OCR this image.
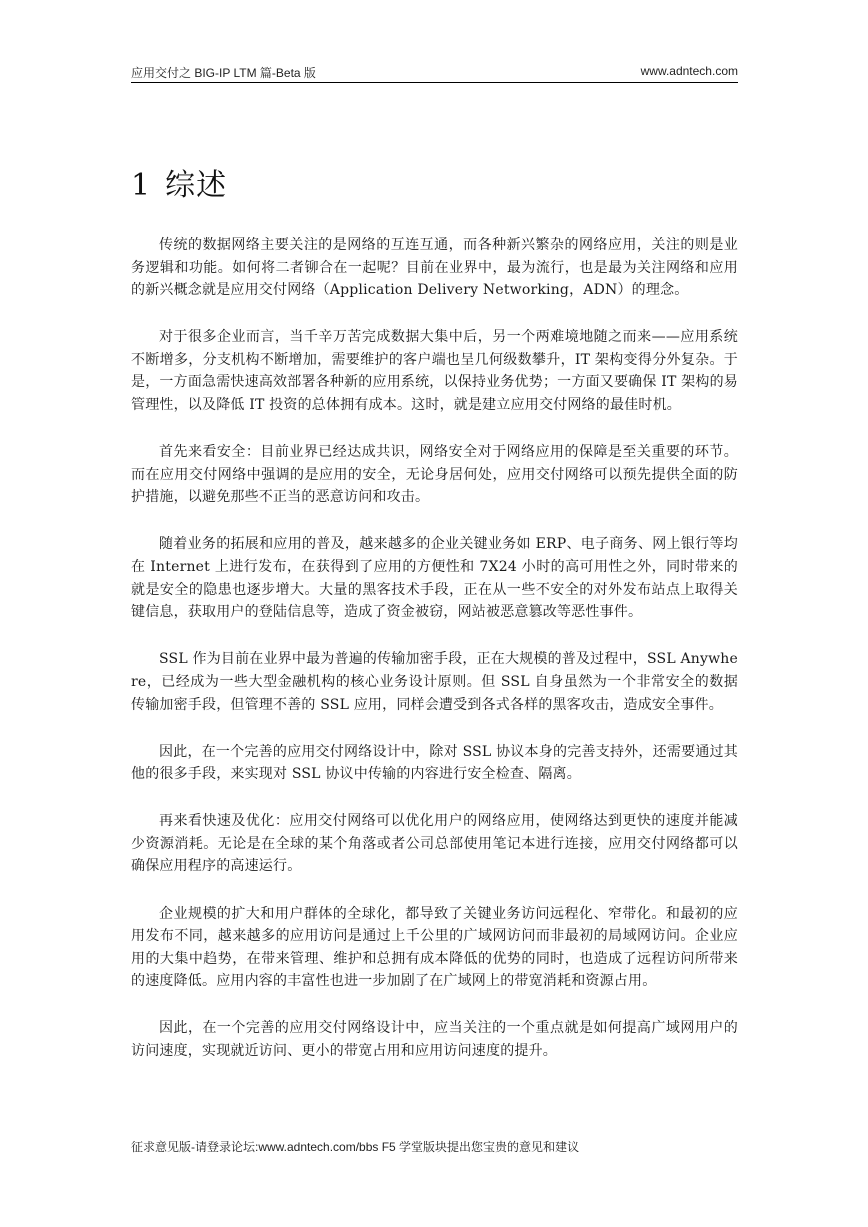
应用交付之 BIG-IP LTM 篇-Beta 版	www.adntech.com
1 综述

传统的数据网络主要关注的是网络的互连互通，而各种新兴繁杂的网络应用，关注的则是业务逻辑和功能。如何将二者铆合在一起呢？目前在业界中，最为流行，也是最为关注网络和应用的新兴概念就是应用交付网络（Application Delivery Networking，ADN）的理念。

对于很多企业而言，当千辛万苦完成数据大集中后，另一个两难境地随之而来——应用系统不断增多，分支机构不断增加，需要维护的客户端也呈几何级数攀升，IT 架构变得分外复杂。于是，一方面急需快速高效部署各种新的应用系统，以保持业务优势；一方面又要确保 IT 架构的易管理性，以及降低 IT 投资的总体拥有成本。这时，就是建立应用交付网络的最佳时机。

首先来看安全：目前业界已经达成共识，网络安全对于网络应用的保障是至关重要的环节。而在应用交付网络中强调的是应用的安全，无论身居何处，应用交付网络可以预先提供全面的防护措施，以避免那些不正当的恶意访问和攻击。

随着业务的拓展和应用的普及，越来越多的企业关键业务如 ERP、电子商务、网上银行等均在 Internet 上进行发布，在获得到了应用的方便性和 7X24 小时的高可用性之外，同时带来的就是安全的隐患也逐步增大。大量的黑客技术手段，正在从一些不安全的对外发布站点上取得关键信息，获取用户的登陆信息等，造成了资金被窃，网站被恶意篡改等恶性事件。

SSL 作为目前在业界中最为普遍的传输加密手段，正在大规模的普及过程中，SSL Anywhere，已经成为一些大型金融机构的核心业务设计原则。但 SSL 自身虽然为一个非常安全的数据传输加密手段，但管理不善的 SSL 应用，同样会遭受到各式各样的黑客攻击，造成安全事件。

因此，在一个完善的应用交付网络设计中，除对 SSL 协议本身的完善支持外，还需要通过其他的很多手段，来实现对 SSL 协议中传输的内容进行安全检查、隔离。

再来看快速及优化：应用交付网络可以优化用户的网络应用，使网络达到更快的速度并能减少资源消耗。无论是在全球的某个角落或者公司总部使用笔记本进行连接，应用交付网络都可以确保应用程序的高速运行。

企业规模的扩大和用户群体的全球化，都导致了关键业务访问远程化、窄带化。和最初的应用发布不同，越来越多的应用访问是通过上千公里的广域网访问而非最初的局域网访问。企业应用的大集中趋势，在带来管理、维护和总拥有成本降低的优势的同时，也造成了远程访问所带来的速度降低。应用内容的丰富性也进一步加剧了在广域网上的带宽消耗和资源占用。

因此，在一个完善的应用交付网络设计中，应当关注的一个重点就是如何提高广域网用户的访问速度，实现就近访问、更小的带宽占用和应用访问速度的提升。

征求意见版-请登录论坛:www.adntech.com/bbs F5 学堂版块提出您宝贵的意见和建议
